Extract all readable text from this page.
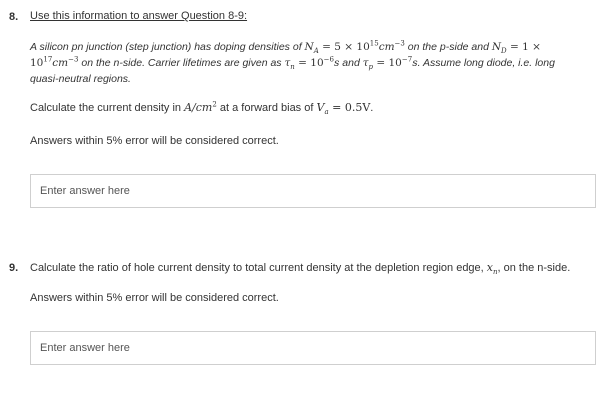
8. Use this information to answer Question 8-9:

A silicon pn junction (step junction) has doping densities of $N_A = 5 \times 10^{15}cm^{-3}$ on the p-side and $N_D = 1$ ×
$10^{17}cm^{-3}$ on the n-side. Carrier lifetimes are given as $\tau_n = 10^{-6}s$ and $\tau_p = 10^{-7}s$. Assume long diode, i.e. long
quasi-neutral regions.

Calculate the current density in $A/cm^2$ at a forward bias of $V_a = 0.5V$.

Answers within 5% error will be considered correct.

Enter answer here
9. Calculate the ratio of hole current density to total current density at the depletion region edge, $x_n$, on the n-side.

Answers within 5% error will be considered correct.

Enter answer here
